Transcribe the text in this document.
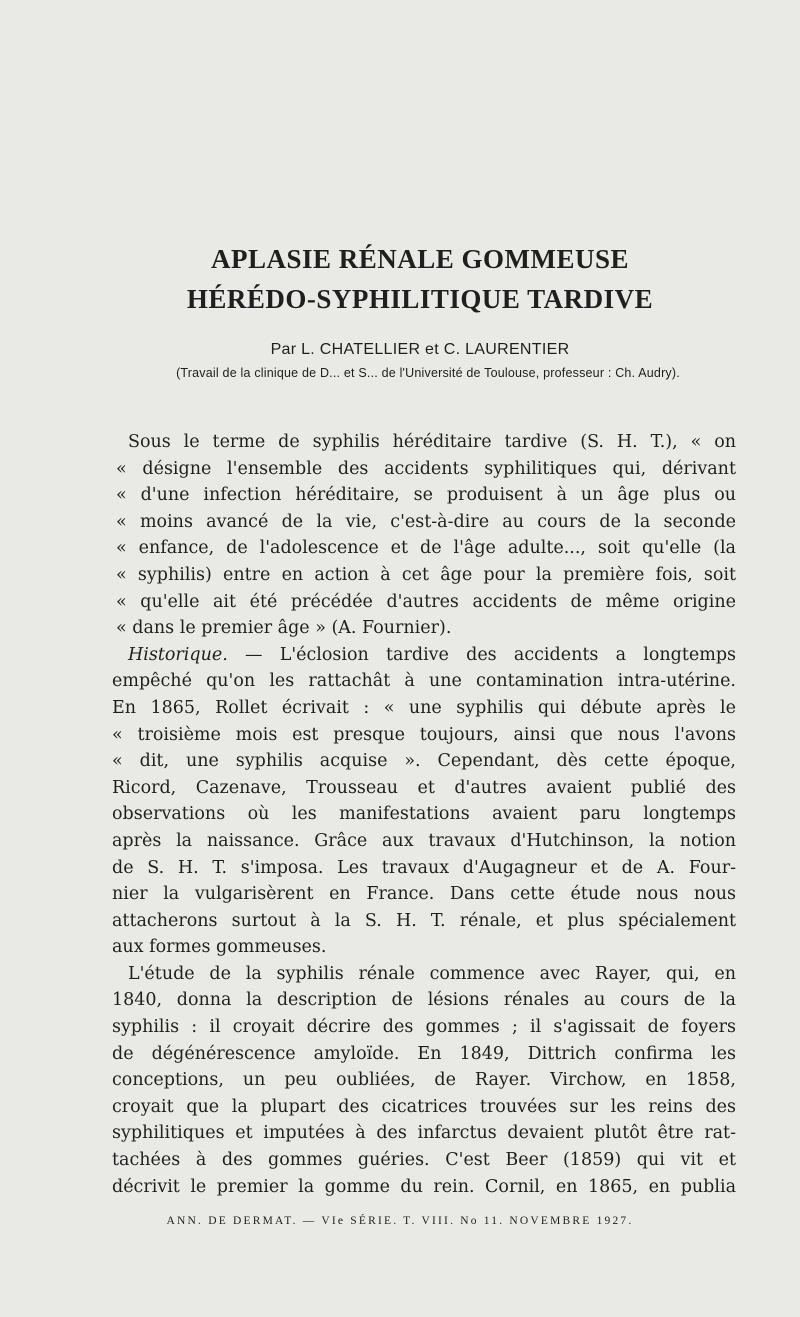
APLASIE RÉNALE GOMMEUSE
HÉRÉDO-SYPHILITIQUE TARDIVE
Par L. CHATELLIER et C. LAURENTIER
(Travail de la clinique de D... et S... de l'Université de Toulouse, professeur : Ch. Audry).
Sous le terme de syphilis héréditaire tardive (S. H. T.), « on
« désigne l'ensemble des accidents syphilitiques qui, dérivant
« d'une infection héréditaire, se produisent à un âge plus ou
« moins avancé de la vie, c'est-à-dire au cours de la seconde
« enfance, de l'adolescence et de l'âge adulte..., soit qu'elle (la
« syphilis) entre en action à cet âge pour la première fois, soit
« qu'elle ait été précédée d'autres accidents de même origine
« dans le premier âge » (A. Fournier).
Historique. — L'éclosion tardive des accidents a longtemps
empêché qu'on les rattachât à une contamination intra-utérine.
En 1865, Rollet écrivait : « une syphilis qui débute après le
« troisième mois est presque toujours, ainsi que nous l'avons
« dit, une syphilis acquise ». Cependant, dès cette époque,
Ricord, Cazenave, Trousseau et d'autres avaient publié des
observations où les manifestations avaient paru longtemps
après la naissance. Grâce aux travaux d'Hutchinson, la notion
de S. H. T. s'imposa. Les travaux d'Augagneur et de A. Four-
nier la vulgarisèrent en France. Dans cette étude nous nous
attacherons surtout à la S. H. T. rénale, et plus spécialement
aux formes gommeuses.
L'étude de la syphilis rénale commence avec Rayer, qui, en
1840, donna la description de lésions rénales au cours de la
syphilis : il croyait décrire des gommes ; il s'agissait de foyers
de dégénérescence amyloïde. En 1849, Dittrich confirma les
conceptions, un peu oubliées, de Rayer. Virchow, en 1858,
croyait que la plupart des cicatrices trouvées sur les reins des
syphilitiques et imputées à des infarctus devaient plutôt être rat-
tachées à des gommes guéries. C'est Beer (1859) qui vit et
décrivit le premier la gomme du rein. Cornil, en 1865, en publia
ANN. DE DERMAT. — VIe SÉRIE. T. VIII. No 11. NOVEMBRE 1927.
